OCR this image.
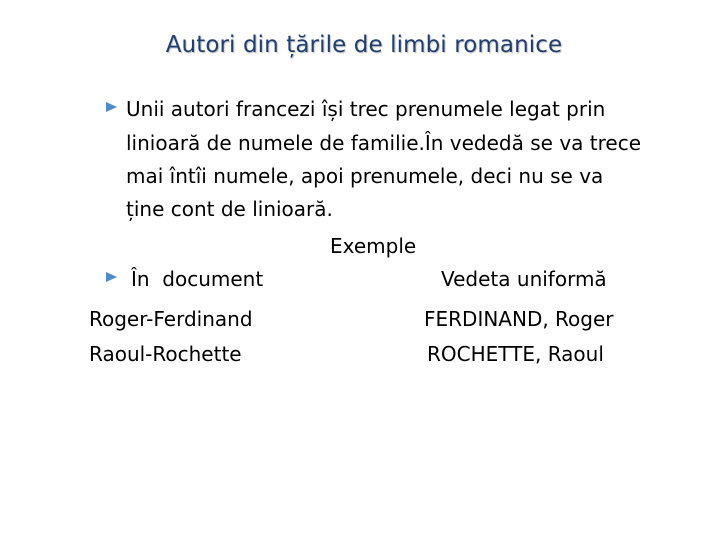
Autori din țările de limbi romanice
Unii autori francezi își trec prenumele legat prin
linioară de numele de familie.În vededă se va trece
mai întîi numele, apoi prenumele, deci nu se va
ține cont de linioară.
Exemple
În  document	Vedeta uniformă
Roger-Ferdinand	FERDINAND, Roger
Raoul-Rochette	ROCHETTE, Raoul
